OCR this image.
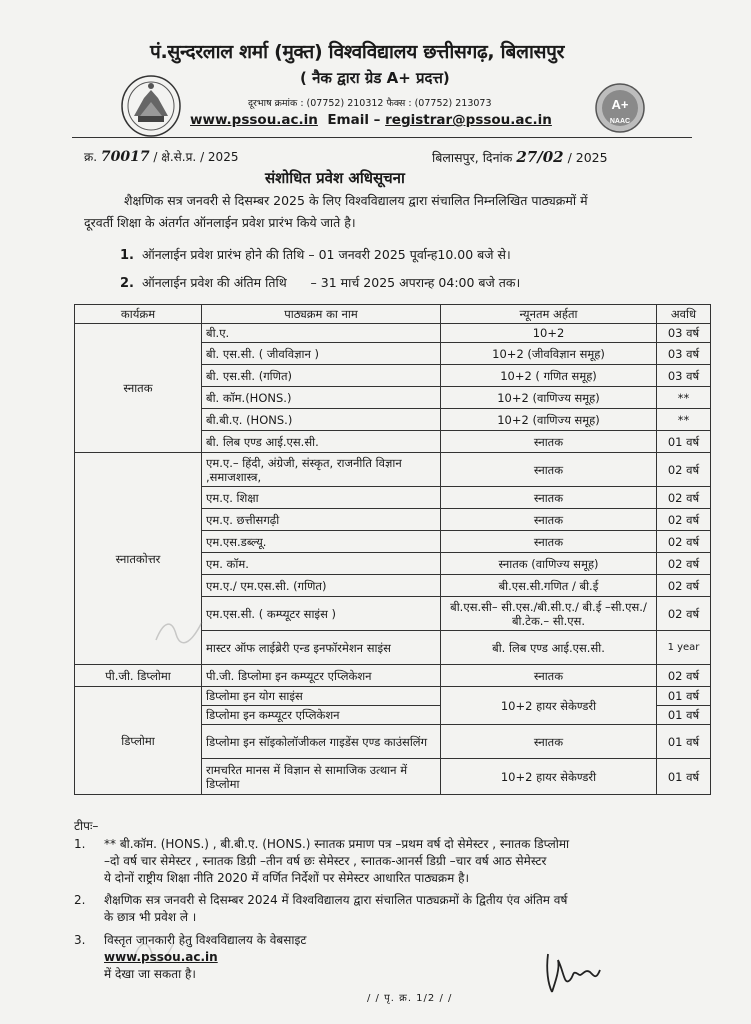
A+
NAAC
पं.सुन्दरलाल शर्मा (मुक्त) विश्वविद्यालय छत्तीसगढ़, बिलासपुर
( नैक द्वारा ग्रेड A+ प्रदत्त)
दूरभाष क्रमांक : (07752) 210312 फैक्स : (07752) 213073
www.pssou.ac.in Email – registrar@pssou.ac.in
क्र. 70017 / क्षे.से.प्र. / 2025	बिलासपुर, दिनांक 27/02 / 2025
संशोधित प्रवेश अधिसूचना
शैक्षणिक सत्र जनवरी से दिसम्बर 2025 के लिए विश्वविद्यालय द्वारा संचालित निम्नलिखित पाठ्यक्रमों में
दूरवर्ती शिक्षा के अंतर्गत ऑनलाईन प्रवेश प्रारंभ किये जाते है।
1. ऑनलाईन प्रवेश प्रारंभ होने की तिथि – 01 जनवरी 2025 पूर्वान्ह10.00 बजे से।
2. ऑनलाईन प्रवेश की अंतिम तिथि      – 31 मार्च 2025 अपरान्ह 04:00 बजे तक।
कार्यक्रम	पाठ्यक्रम का नाम	न्यूनतम अर्हता	अवधि
स्नातक	बी.ए.	10+2	03 वर्ष
	बी. एस.सी. ( जीवविज्ञान )	10+2 (जीवविज्ञान समूह)	03 वर्ष
	बी. एस.सी. (गणित)	10+2 ( गणित समूह)	03 वर्ष
	बी. कॉम.(HONS.)	10+2 (वाणिज्य समूह)	**
	बी.बी.ए. (HONS.)	10+2 (वाणिज्य समूह)	**
	बी. लिब एण्ड आई.एस.सी.	स्नातक	01 वर्ष
स्नातकोत्तर	एम.ए.– हिंदी, अंग्रेजी, संस्कृत, राजनीति विज्ञान ,समाजशास्त्र,	स्नातक	02 वर्ष
	एम.ए. शिक्षा	स्नातक	02 वर्ष
	एम.ए. छत्तीसगढ़ी	स्नातक	02 वर्ष
	एम.एस.डब्ल्यू.	स्नातक	02 वर्ष
	एम. कॉम.	स्नातक (वाणिज्य समूह)	02 वर्ष
	एम.ए./ एम.एस.सी. (गणित)	बी.एस.सी.गणित / बी.ई	02 वर्ष
	एम.एस.सी. ( कम्प्यूटर साइंस )	बी.एस.सी– सी.एस./बी.सी.ए./ बी.ई –सी.एस./बी.टेक.– सी.एस.	02 वर्ष
	मास्टर ऑफ लाईब्रेरी एन्ड इनफॉरमेशन साइंस	बी. लिब एण्ड आई.एस.सी.	1 year
पी.जी. डिप्लोमा	पी.जी. डिप्लोमा इन कम्प्यूटर एप्लिकेशन	स्नातक	02 वर्ष
डिप्लोमा	डिप्लोमा इन योग साइंस	10+2 हायर सेकेण्डरी	01 वर्ष
	डिप्लोमा इन कम्प्यूटर एप्लिकेशन		01 वर्ष
	डिप्लोमा इन सॉइकोलॉजीकल गाइडेंस एण्ड काउंसलिंग	स्नातक	01 वर्ष
	रामचरित मानस में विज्ञान से सामाजिक उत्थान में डिप्लोमा	10+2 हायर सेकेण्डरी	01 वर्ष
टीपः–
1. ** बी.कॉम. (HONS.) , बी.बी.ए. (HONS.) स्नातक प्रमाण पत्र –प्रथम वर्ष दो सेमेस्टर , स्नातक डिप्लोमा
–दो वर्ष चार सेमेस्टर , स्नातक डिग्री –तीन वर्ष छः सेमेस्टर , स्नातक-आनर्स डिग्री –चार वर्ष आठ सेमेस्टर
ये दोनों राष्ट्रीय शिक्षा नीति 2020 में वर्णित निर्देशों पर सेमेस्टर आधारित पाठ्यक्रम है।
2. शैक्षणिक सत्र जनवरी से दिसम्बर 2024 में विश्वविद्यालय द्वारा संचालित पाठ्यक्रमों के द्वितीय एंव अंतिम वर्ष
के छात्र भी प्रवेश ले ।
3. विस्तृत जानकारी हेतु विश्वविद्यालय के वेबसाइट
www.pssou.ac.in
में देखा जा सकता है।
/ / पृ. क्र. 1/2 / /
